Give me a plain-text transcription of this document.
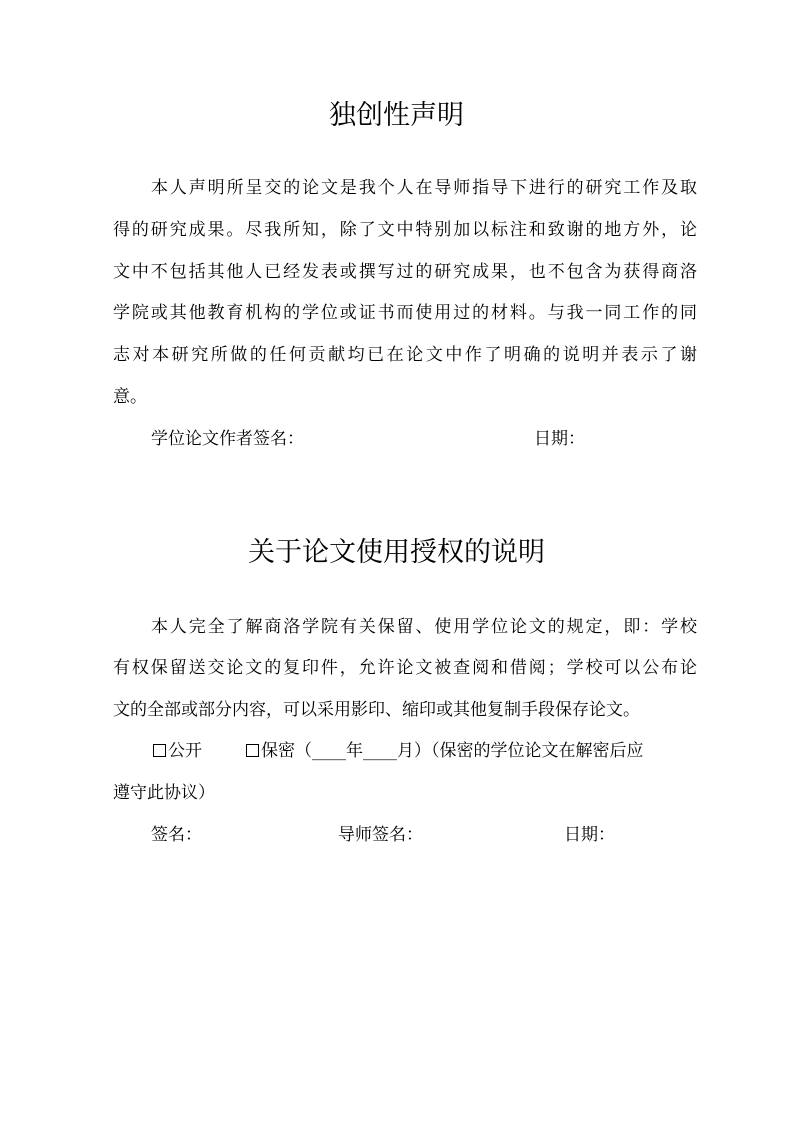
独创性声明

本人声明所呈交的论文是我个人在导师指导下进行的研究工作及取

得的研究成果。尽我所知，除了文中特别加以标注和致谢的地方外，论

文中不包括其他人已经发表或撰写过的研究成果，也不包含为获得商洛

学院或其他教育机构的学位或证书而使用过的材料。与我一同工作的同

志对本研究所做的任何贡献均已在论文中作了明确的说明并表示了谢

意。

学位论文作者签名：	日期：
关于论文使用授权的说明

本人完全了解商洛学院有关保留、使用学位论文的规定，即：学校

有权保留送交论文的复印件，允许论文被查阅和借阅；学校可以公布论

文的全部或部分内容，可以采用影印、缩印或其他复制手段保存论文。

公开	保密（____年____月）（保密的学位论文在解密后应

遵守此协议）

签名：	导师签名：	日期：
